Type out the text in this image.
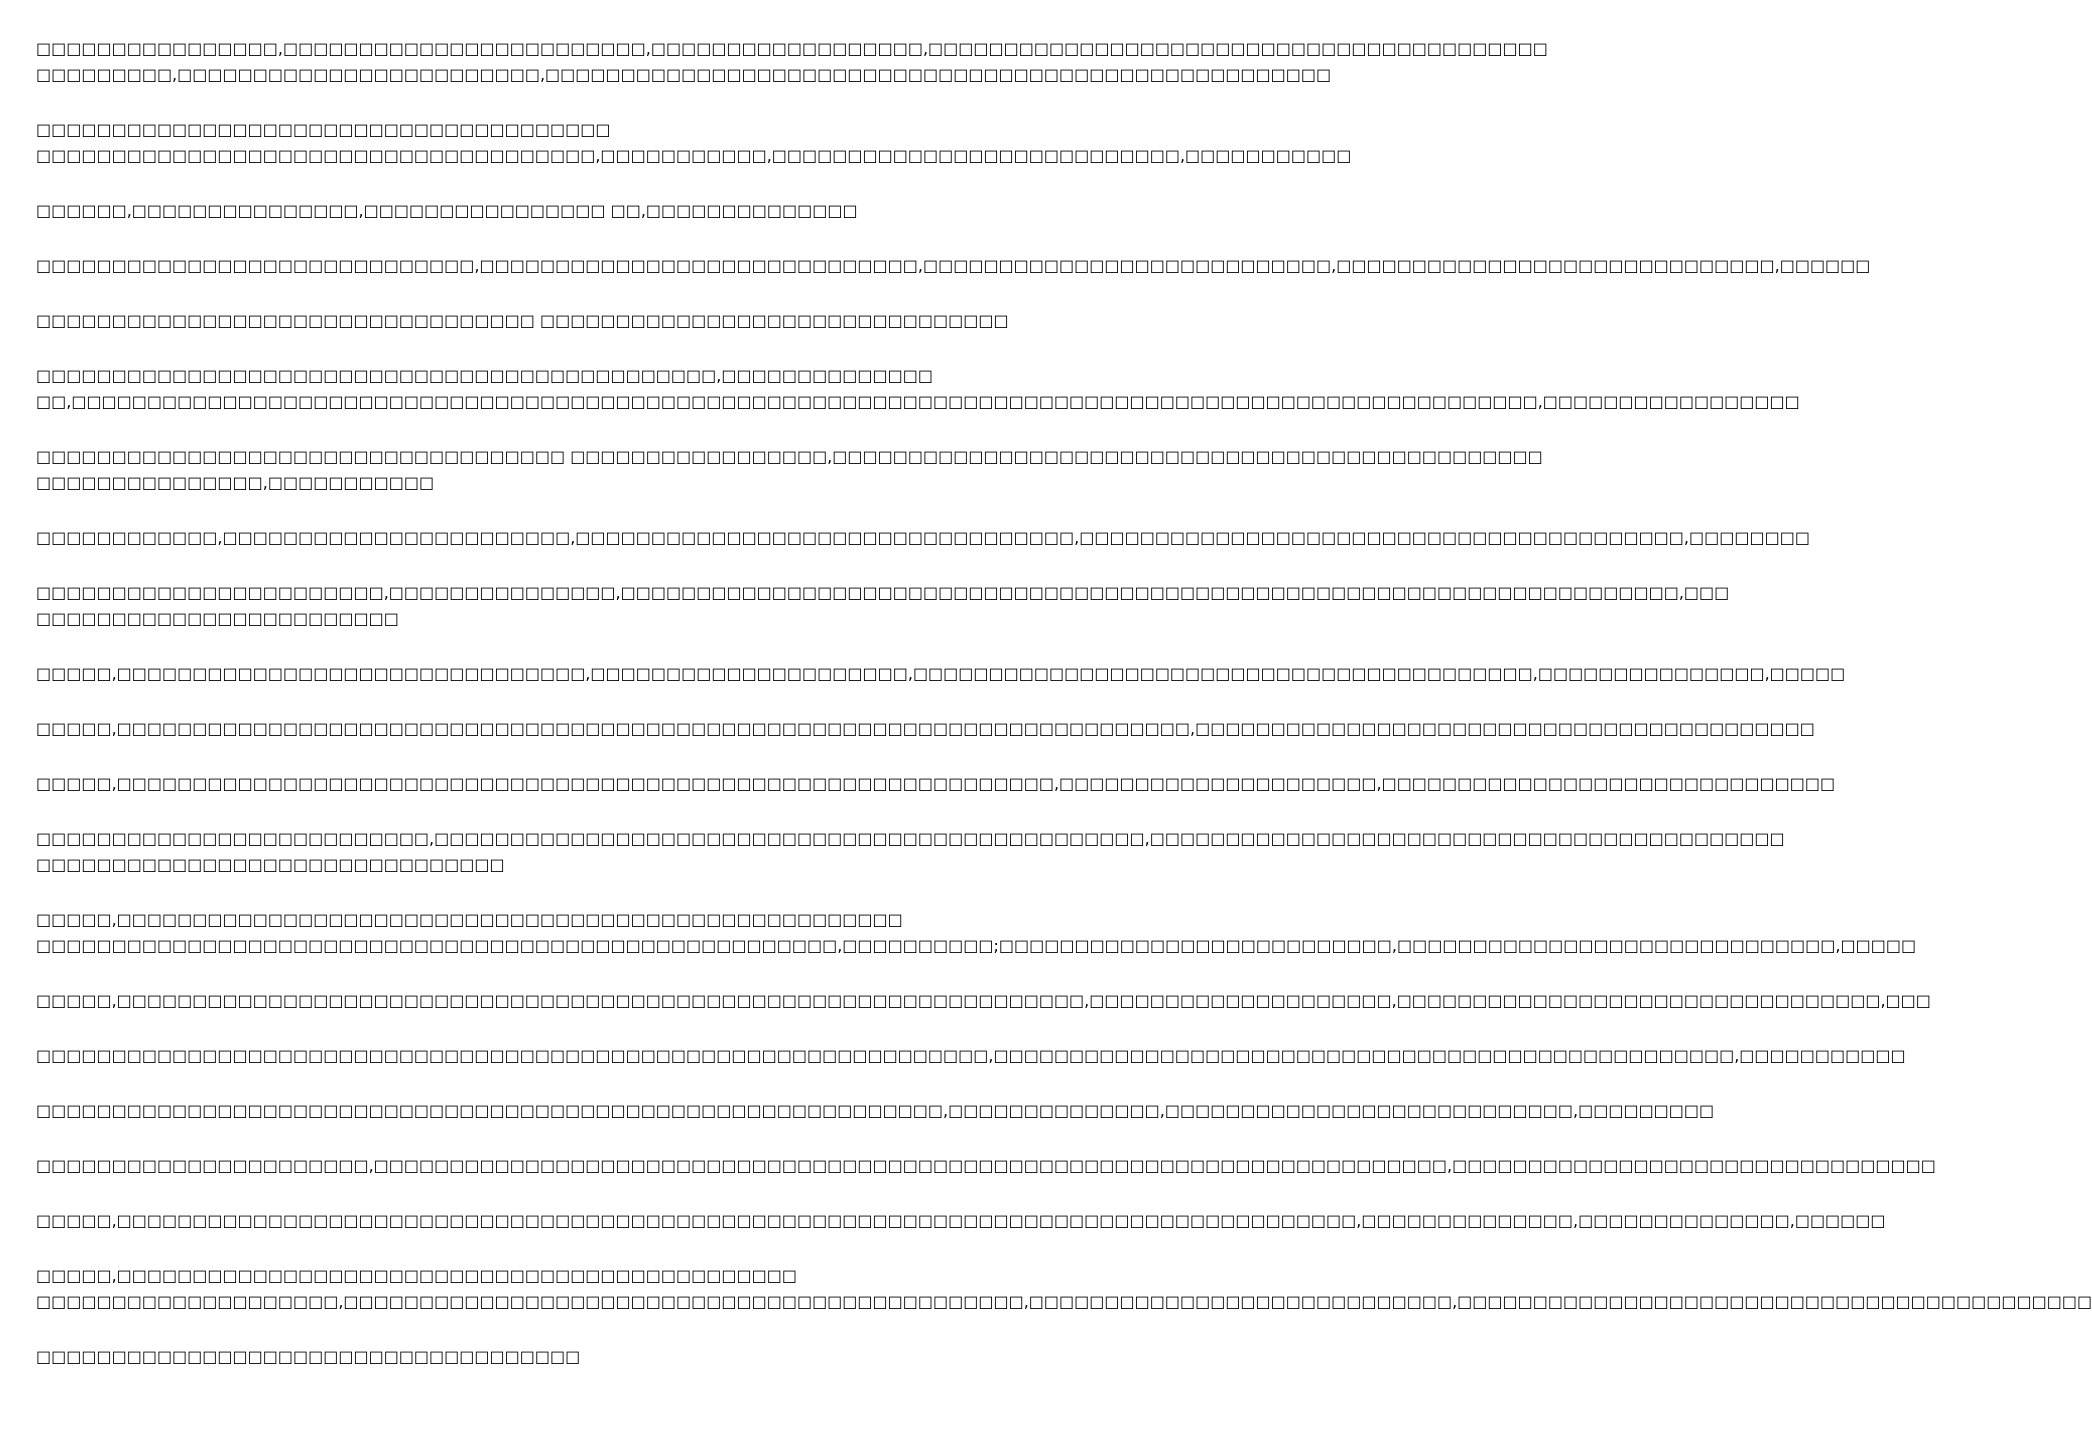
□□□□□□□□□□□□□□□□,□□□□□□□□□□□□□□□□□□□□□□□□,□□□□□□□□□□□□□□□□□□,□□□□□□□□□□□□□□□□□□□□□□□□□□□□□□□□□□□□□□□□□
□□□□□□□□□,□□□□□□□□□□□□□□□□□□□□□□□□,□□□□□□□□□□□□□□□□□□□□□□□□□□□□□□□□□□□□□□□□□□□□□□□□□□□□

□□□□□□□□□□□□□□□□□□□□□□□□□□□□□□□□□□□□□□
□□□□□□□□□□□□□□□□□□□□□□□□□□□□□□□□□□□□□,□□□□□□□□□□□,□□□□□□□□□□□□□□□□□□□□□□□□□□□,□□□□□□□□□□□

□□□□□□,□□□□□□□□□□□□□□□,□□□□□□□□□□□□□□□□ □□,□□□□□□□□□□□□□□

□□□□□□□□□□□□□□□□□□□□□□□□□□□□□,□□□□□□□□□□□□□□□□□□□□□□□□□□□□□,□□□□□□□□□□□□□□□□□□□□□□□□□□□,□□□□□□□□□□□□□□□□□□□□□□□□□□□□□,□□□□□□

□□□□□□□□□□□□□□□□□□□□□□□□□□□□□□□□□ □□□□□□□□□□□□□□□□□□□□□□□□□□□□□□□

□□□□□□□□□□□□□□□□□□□□□□□□□□□□□□□□□□□□□□□□□□□□□,□□□□□□□□□□□□□□
□□,□□□□□□□□□□□□□□□□□□□□□□□□□□□□□□□□□□□□□□□□□□□□□□□□□□□□□□□□□□□□□□□□□□□□□□□□□□□□□□□□□□□□□□□□□□□□□□□□□,□□□□□□□□□□□□□□□□□

□□□□□□□□□□□□□□□□□□□□□□□□□□□□□□□□□□□ □□□□□□□□□□□□□□□□□,□□□□□□□□□□□□□□□□□□□□□□□□□□□□□□□□□□□□□□□□□□□□□□□
□□□□□□□□□□□□□□□,□□□□□□□□□□□

□□□□□□□□□□□□,□□□□□□□□□□□□□□□□□□□□□□□,□□□□□□□□□□□□□□□□□□□□□□□□□□□□□□□□□,□□□□□□□□□□□□□□□□□□□□□□□□□□□□□□□□□□□□□□□□,□□□□□□□□

□□□□□□□□□□□□□□□□□□□□□□□,□□□□□□□□□□□□□□□,□□□□□□□□□□□□□□□□□□□□□□□□□□□□□□□□□□□□□□□□□□□□□□□□□□□□□□□□□□□□□□□□□□□□□□,□□□
□□□□□□□□□□□□□□□□□□□□□□□□

□□□□□,□□□□□□□□□□□□□□□□□□□□□□□□□□□□□□□,□□□□□□□□□□□□□□□□□□□□□,□□□□□□□□□□□□□□□□□□□□□□□□□□□□□□□□□□□□□□□□□,□□□□□□□□□□□□□□□,□□□□□

□□□□□,□□□□□□□□□□□□□□□□□□□□□□□□□□□□□□□□□□□□□□□□□□□□□□□□□□□□□□□□□□□□□□□□□□□□□□□,□□□□□□□□□□□□□□□□□□□□□□□□□□□□□□□□□□□□□□□□□

□□□□□,□□□□□□□□□□□□□□□□□□□□□□□□□□□□□□□□□□□□□□□□□□□□□□□□□□□□□□□□□□□□□□,□□□□□□□□□□□□□□□□□□□□□,□□□□□□□□□□□□□□□□□□□□□□□□□□□□□□

□□□□□□□□□□□□□□□□□□□□□□□□□□,□□□□□□□□□□□□□□□□□□□□□□□□□□□□□□□□□□□□□□□□□□□□□□□,□□□□□□□□□□□□□□□□□□□□□□□□□□□□□□□□□□□□□□□□□□
□□□□□□□□□□□□□□□□□□□□□□□□□□□□□□□

□□□□□,□□□□□□□□□□□□□□□□□□□□□□□□□□□□□□□□□□□□□□□□□□□□□□□□□□□□
□□□□□□□□□□□□□□□□□□□□□□□□□□□□□□□□□□□□□□□□□□□□□□□□□□□□□,□□□□□□□□□□;□□□□□□□□□□□□□□□□□□□□□□□□□□,□□□□□□□□□□□□□□□□□□□□□□□□□□□□□,□□□□□

□□□□□,□□□□□□□□□□□□□□□□□□□□□□□□□□□□□□□□□□□□□□□□□□□□□□□□□□□□□□□□□□□□□□□□,□□□□□□□□□□□□□□□□□□□□,□□□□□□□□□□□□□□□□□□□□□□□□□□□□□□□□,□□□

□□□□□□□□□□□□□□□□□□□□□□□□□□□□□□□□□□□□□□□□□□□□□□□□□□□□□□□□□□□□□□□,□□□□□□□□□□□□□□□□□□□□□□□□□□□□□□□□□□□□□□□□□□□□□□□□□,□□□□□□□□□□□

□□□□□□□□□□□□□□□□□□□□□□□□□□□□□□□□□□□□□□□□□□□□□□□□□□□□□□□□□□□□,□□□□□□□□□□□□□□,□□□□□□□□□□□□□□□□□□□□□□□□□□□,□□□□□□□□□

□□□□□□□□□□□□□□□□□□□□□□,□□□□□□□□□□□□□□□□□□□□□□□□□□□□□□□□□□□□□□□□□□□□□□□□□□□□□□□□□□□□□□□□□□□□□□□,□□□□□□□□□□□□□□□□□□□□□□□□□□□□□□□□

□□□□□,□□□□□□□□□□□□□□□□□□□□□□□□□□□□□□□□□□□□□□□□□□□□□□□□□□□□□□□□□□□□□□□□□□□□□□□□□□□□□□□□□□,□□□□□□□□□□□□□□,□□□□□□□□□□□□□□,□□□□□□

□□□□□,□□□□□□□□□□□□□□□□□□□□□□□□□□□□□□□□□□□□□□□□□□□□□
□□□□□□□□□□□□□□□□□□□□,□□□□□□□□□□□□□□□□□□□□□□□□□□□□□□□□□□□□□□□□□□□□□,□□□□□□□□□□□□□□□□□□□□□□□□□□□□,□□□□□□□□□□□□□□□□□□□□□□□□□□□□□□□□□□□□□□□□□□

□□□□□□□□□□□□□□□□□□□□□□□□□□□□□□□□□□□□
